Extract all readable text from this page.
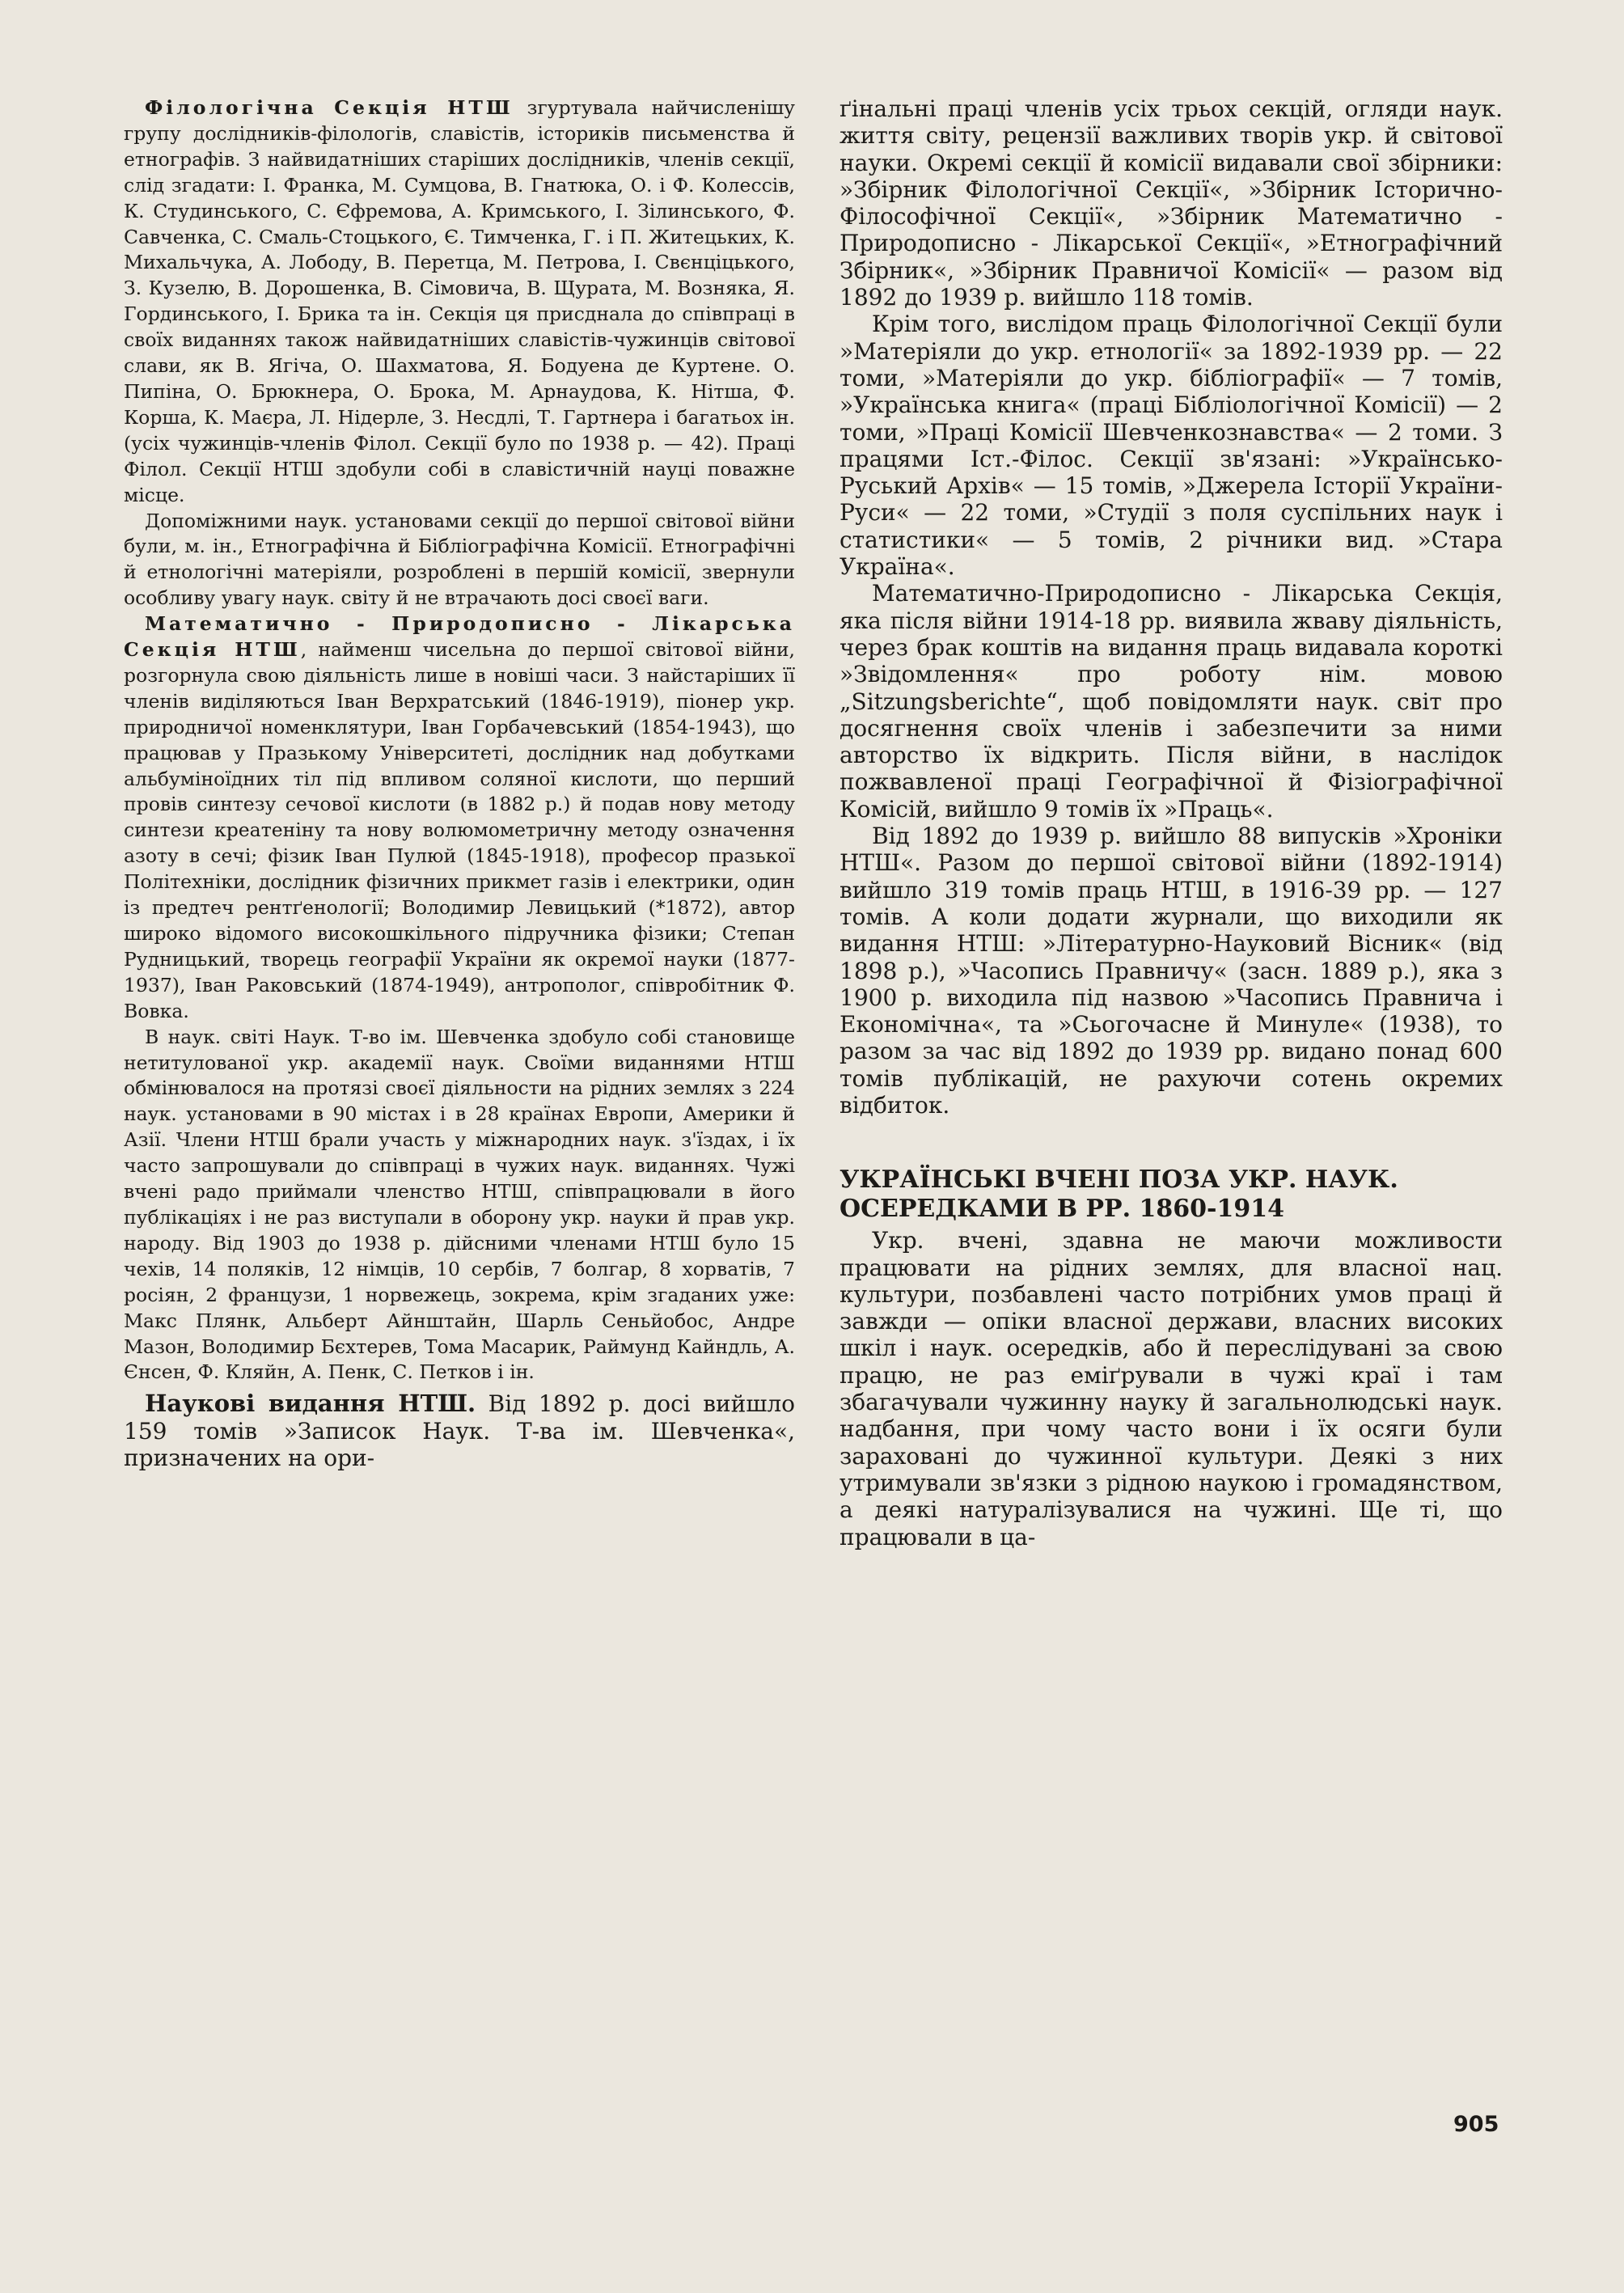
Філологічна Секція НТШ згуртувала найчисленішу групу дослідників-філологів, славістів, істориків письменства й етнографів. З найвидатніших старіших дослідників, членів секції, слід згадати: І. Франка, М. Сумцова, В. Гнатюка, О. і Ф. Колессів, К. Студинського, С. Єфремова, А. Кримського, І. Зілинського, Ф. Савченка, С. Смаль-Стоцького, Є. Тимченка, Г. і П. Житецьких, К. Михальчука, А. Лободу, В. Перетца, М. Петрова, І. Свєнціцького, З. Кузелю, В. Дорошенка, В. Сімовича, В. Щурата, М. Возняка, Я. Гординського, І. Брика та ін. Секція ця присднала до співпраці в своїх виданнях також найвидатніших славістів-чужинців світової слави, як В. Ягіча, О. Шахматова, Я. Бодуена де Куртене. О. Пипіна, О. Брюкнера, О. Брока, М. Арнаудова, К. Нітша, Ф. Корша, К. Маєра, Л. Нідерле, З. Несдлі, Т. Гартнера і багатьох ін. (усіх чужинців-членів Філол. Секції було по 1938 р. — 42). Праці Філол. Секції НТШ здобули собі в славістичній науці поважне місце.

Допоміжними наук. установами секції до першої світової війни були, м. ін., Етнографічна й Бібліографічна Комісії. Етнографічні й етнологічні матеріяли, розроблені в першій комісії, звернули особливу увагу наук. світу й не втрачають досі своєї ваги.

Математично - Природописно - Лікарська Секція НТШ, найменш чисельна до першої світової війни, розгорнула свою діяльність лише в новіші часи. З найстаріших її членів виділяються Іван Верхратський (1846-1919), піонер укр. природничої номенклятури, Іван Горбачевський (1854-1943), що працював у Празькому Університеті, дослідник над добутками альбуміноїдних тіл під впливом соляної кислоти, що перший провів синтезу сечової кислоти (в 1882 р.) й подав нову методу синтези креатеніну та нову волюмометричну методу означення азоту в сечі; фізик Іван Пулюй (1845-1918), професор празької Політехніки, дослідник фізичних прикмет газів і електрики, один із предтеч рентґенології; Володимир Левицький (*1872), автор широко відомого високошкільного підручника фізики; Степан Рудницький, творець географії України як окремої науки (1877-1937), Іван Раковський (1874-1949), антрополог, співробітник Ф. Вовка.

В наук. світі Наук. Т-во ім. Шевченка здобуло собі становище нетитулованої укр. академії наук. Своїми виданнями НТШ обмінювалося на протязі своєї діяльности на рідних землях з 224 наук. установами в 90 містах і в 28 країнах Европи, Америки й Азії. Члени НТШ брали участь у міжнародних наук. з'їздах, і їх часто запрошували до співпраці в чужих наук. виданнях. Чужі вчені радо приймали членство НТШ, співпрацювали в його публікаціях і не раз виступали в оборону укр. науки й прав укр. народу. Від 1903 до 1938 р. дійсними членами НТШ було 15 чехів, 14 поляків, 12 німців, 10 сербів, 7 болгар, 8 хорватів, 7 росіян, 2 французи, 1 норвежець, зокрема, крім згаданих уже: Макс Плянк, Альберт Айнштайн, Шарль Сеньйобос, Андре Мазон, Володимир Бєхтерев, Тома Масарик, Раймунд Кайндль, А. Єнсен, Ф. Кляйн, А. Пенк, С. Петков і ін.

Наукові видання НТШ. Від 1892 р. досі вийшло 159 томів »Записок Наук. Т-ва ім. Шевченка«, призначених на ори-

ґінальні праці членів усіх трьох секцій, огляди наук. життя світу, рецензії важливих творів укр. й світової науки. Окремі секції й комісії видавали свої збірники: »Збірник Філологічної Секції«, »Збірник Історично-Філософічної Секції«, »Збірник Математично - Природописно - Лікарської Секції«, »Етнографічний Збірник«, »Збірник Правничої Комісії« — разом від 1892 до 1939 р. вийшло 118 томів.

Крім того, вислідом праць Філологічної Секції були »Матеріяли до укр. етнології« за 1892-1939 рр. — 22 томи, »Матеріяли до укр. бібліографії« — 7 томів, »Українська книга« (праці Бібліологічної Комісії) — 2 томи, »Праці Комісії Шевченкознавства« — 2 томи. З працями Іст.-Філос. Секції зв'язані: »Українсько-Руський Архів« — 15 томів, »Джерела Історії України-Руси« — 22 томи, »Студії з поля суспільних наук і статистики« — 5 томів, 2 річники вид. »Стара Україна«.

Математично-Природописно - Лікарська Секція, яка після війни 1914-18 рр. виявила жваву діяльність, через брак коштів на видання праць видавала короткі »Звідомлення« про роботу нім. мовою „Sitzungsberichte“, щоб повідомляти наук. світ про досягнення своїх членів і забезпечити за ними авторство їх відкрить. Після війни, в наслідок пожвавленої праці Географічної й Фізіографічної Комісій, вийшло 9 томів їх »Праць«.

Від 1892 до 1939 р. вийшло 88 випусків »Хроніки НТШ«. Разом до першої світової війни (1892-1914) вийшло 319 томів праць НТШ, в 1916-39 рр. — 127 томів. А коли додати журнали, що виходили як видання НТШ: »Літературно-Науковий Вісник« (від 1898 р.), »Часопись Правничу« (засн. 1889 р.), яка з 1900 р. виходила під назвою »Часопись Правнича і Економічна«, та »Сьогочасне й Минуле« (1938), то разом за час від 1892 до 1939 рр. видано понад 600 томів публікацій, не рахуючи сотень окремих відбиток.

УКРАЇНСЬКІ ВЧЕНІ ПОЗА УКР. НАУК. ОСЕРЕДКАМИ В РР. 1860-1914

Укр. вчені, здавна не маючи можливости працювати на рідних землях, для власної нац. культури, позбавлені часто потрібних умов праці й завжди — опіки власної держави, власних високих шкіл і наук. осередків, або й переслідувані за свою працю, не раз еміґрували в чужі краї і там збагачували чужинну науку й загальнолюдські наук. надбання, при чому часто вони і їх осяги були зараховані до чужинної культури. Деякі з них утримували зв'язки з рідною наукою і громадянством, а деякі натуралізувалися на чужині. Ще ті, що працювали в ца-

905
